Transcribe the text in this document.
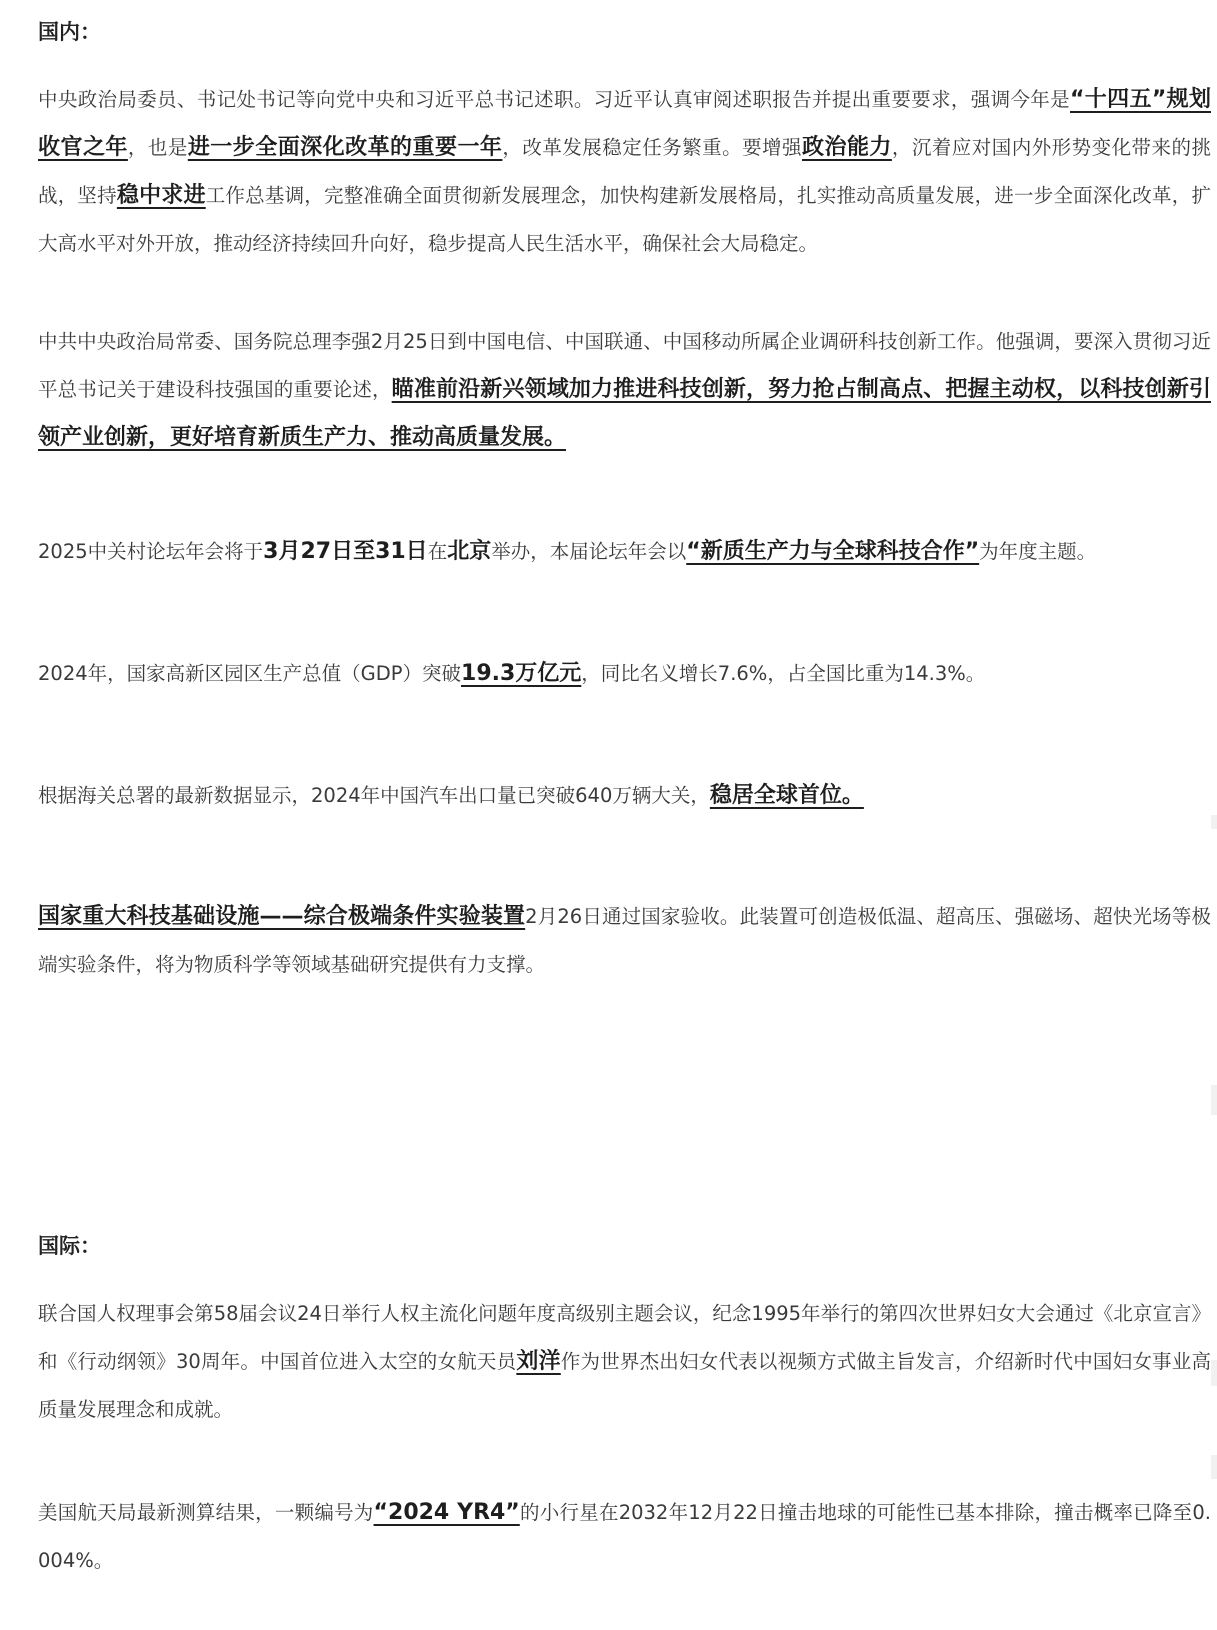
国内：
中央政治局委员、书记处书记等向党中央和习近平总书记述职。习近平认真审阅述职报告并提出重要要求，强调今年是“十四五”规划收官之年，也是进一步全面深化改革的重要一年，改革发展稳定任务繁重。要增强政治能力，沉着应对国内外形势变化带来的挑战，坚持稳中求进工作总基调，完整准确全面贯彻新发展理念，加快构建新发展格局，扎实推动高质量发展，进一步全面深化改革，扩大高水平对外开放，推动经济持续回升向好，稳步提高人民生活水平，确保社会大局稳定。
中共中央政治局常委、国务院总理李强2月25日到中国电信、中国联通、中国移动所属企业调研科技创新工作。他强调，要深入贯彻习近平总书记关于建设科技强国的重要论述，瞄准前沿新兴领域加力推进科技创新，努力抢占制高点、把握主动权，以科技创新引领产业创新，更好培育新质生产力、推动高质量发展。
2025中关村论坛年会将于3月27日至31日在北京举办，本届论坛年会以“新质生产力与全球科技合作”为年度主题。
2024年，国家高新区园区生产总值（GDP）突破19.3万亿元，同比名义增长7.6%，占全国比重为14.3%。
根据海关总署的最新数据显示，2024年中国汽车出口量已突破640万辆大关，稳居全球首位。
国家重大科技基础设施——综合极端条件实验装置2月26日通过国家验收。此装置可创造极低温、超高压、强磁场、超快光场等极端实验条件，将为物质科学等领域基础研究提供有力支撑。
国际：
联合国人权理事会第58届会议24日举行人权主流化问题年度高级别主题会议，纪念1995年举行的第四次世界妇女大会通过《北京宣言》和《行动纲领》30周年。中国首位进入太空的女航天员刘洋作为世界杰出妇女代表以视频方式做主旨发言，介绍新时代中国妇女事业高质量发展理念和成就。
美国航天局最新测算结果，一颗编号为“2024 YR4”的小行星在2032年12月22日撞击地球的可能性已基本排除，撞击概率已降至0.004%。
